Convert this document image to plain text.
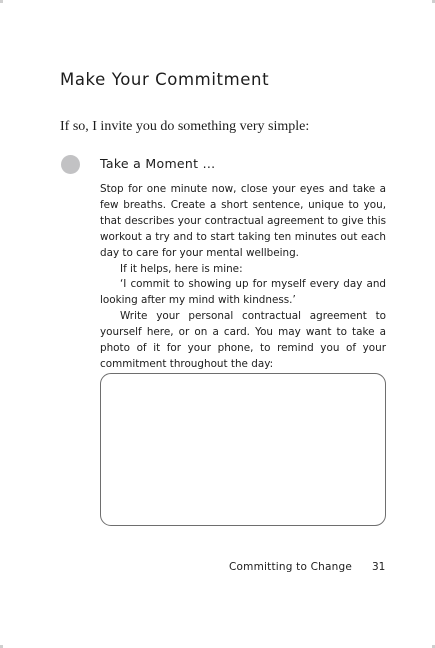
Make Your Commitment

If so, I invite you do something very simple:

Take a Moment ...

Stop for one minute now, close your eyes and take a few breaths. Create a short sentence, unique to you, that describes your contractual agreement to give this workout a try and to start taking ten minutes out each day to care for your mental wellbeing.

If it helps, here is mine:

‘I commit to showing up for myself every day and looking after my mind with kindness.’

Write your personal contractual agreement to yourself here, or on a card. You may want to take a photo of it for your phone, to remind you of your commitment throughout the day:

Committing to Change 31
